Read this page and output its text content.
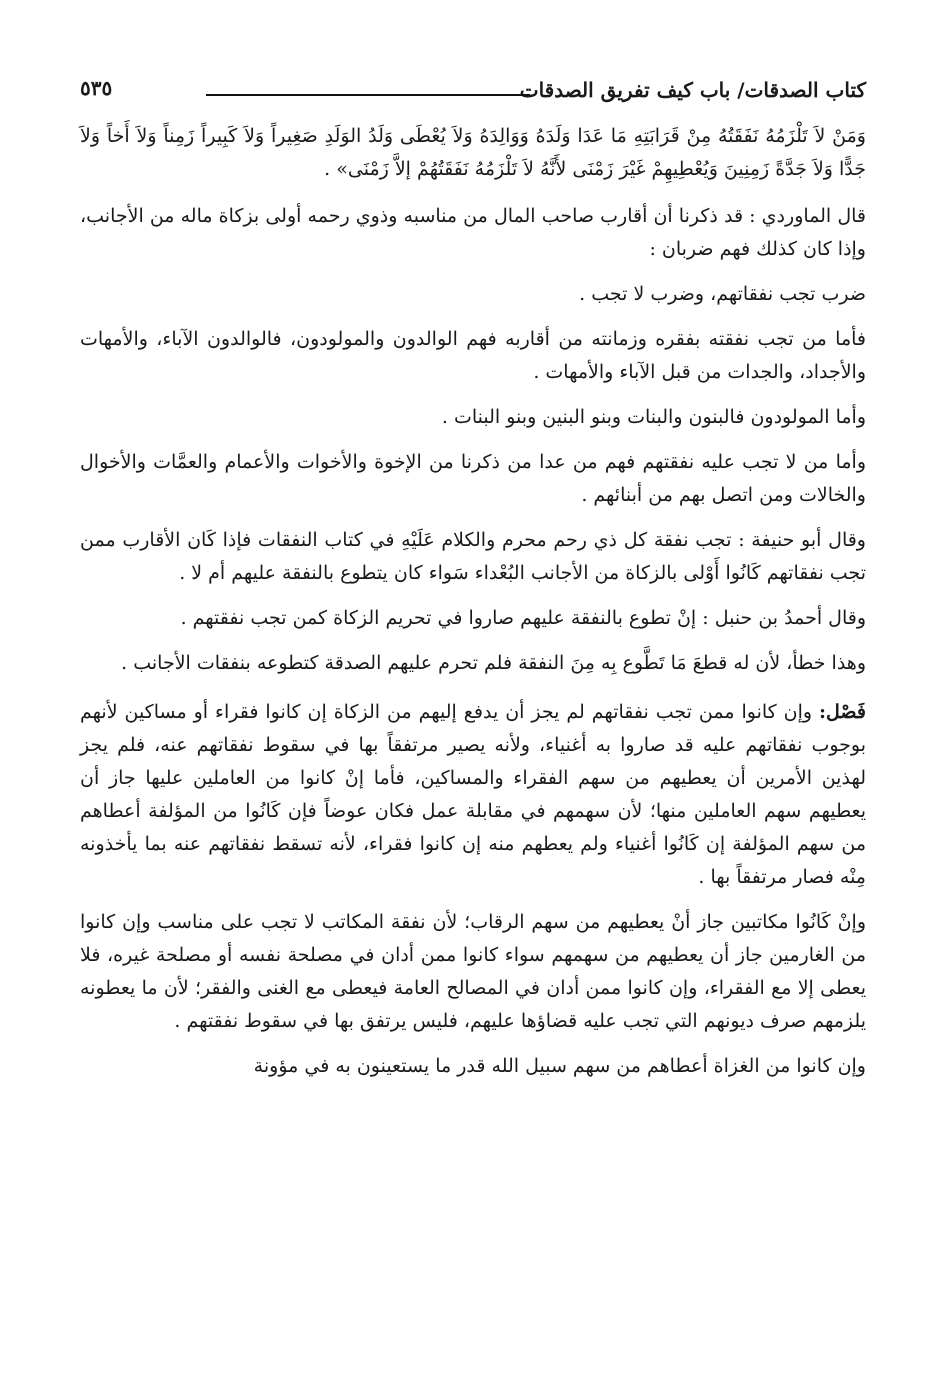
كتاب الصدقات/ باب كيف تفريق الصدقات
٥٣٥

وَمَنْ لاَ تَلْزَمُهُ نَفَقَتُهُ مِنْ قَرَابَتِهِ مَا عَدَا وَلَدَهُ وَوَالِدَهُ وَلاَ يُعْطَى وَلَدُ الوَلَدِ صَغِيراً وَلاَ كَبِيراً زَمِناً وَلاَ أَخاً وَلاَ جَدًّا وَلاَ جَدَّةً زَمِنِينَ وَيُعْطِيهِمْ غَيْرَ زَمْنَى لأَنَّهُ لاَ تَلْزَمُهُ نَفَقَتُهُمْ إلاَّ زَمْنَى» .

قال الماوردي : قد ذكرنا أن أقارب صاحب المال من مناسبه وذوي رحمه أولى بزكاة ماله من الأجانب، وإذا كان كذلك فهم ضربان :

ضرب تجب نفقاتهم، وضرب لا تجب .

فأما من تجب نفقته بفقره وزمانته من أقاربه فهم الوالدون والمولودون، فالوالدون الآباء، والأمهات والأجداد، والجدات من قبل الآباء والأمهات .

وأما المولودون فالبنون والبنات وبنو البنين وبنو البنات .

وأما من لا تجب عليه نفقتهم فهم من عدا من ذكرنا من الإخوة والأخوات والأعمام والعمَّات والأخوال والخالات ومن اتصل بهم من أبنائهم .

وقال أبو حنيفة : تجب نفقة كل ذي رحم محرم والكلام عَلَيْهِ في كتاب النفقات فإذا كَان الأقارب ممن تجب نفقاتهم كَانُوا أَوْلى بالزكاة من الأجانب البُعْداء سَواء كان يتطوع بالنفقة عليهم أم لا .

وقال أحمدُ بن حنبل : إنْ تطوع بالنفقة عليهم صاروا في تحريم الزكاة كمن تجب نفقتهم .

وهذا خطأ، لأن له قطعَ مَا تَطَّوع بِه مِنَ النفقة فلم تحرم عليهم الصدقة كتطوعه بنفقات الأجانب .

فَصْل: وإن كانوا ممن تجب نفقاتهم لم يجز أن يدفع إليهم من الزكاة إن كانوا فقراء أو مساكين لأنهم بوجوب نفقاتهم عليه قد صاروا به أغنياء، ولأنه يصير مرتفقاً بها في سقوط نفقاتهم عنه، فلم يجز لهذين الأمرين أن يعطيهم من سهم الفقراء والمساكين، فأما إنْ كانوا من العاملين عليها جاز أن يعطيهم سهم العاملين منها؛ لأن سهمهم في مقابلة عمل فكان عوضاً فإن كَانُوا من المؤلفة أعطاهم من سهم المؤلفة إن كَانُوا أغنياء ولم يعطهم منه إن كانوا فقراء، لأنه تسقط نفقاتهم عنه بما يأخذونه مِنْه فصار مرتفقاً بها .

وإنْ كَانُوا مكاتبين جاز أنْ يعطيهم من سهم الرقاب؛ لأن نفقة المكاتب لا تجب على مناسب وإن كانوا من الغارمين جاز أن يعطيهم من سهمهم سواء كانوا ممن أدان في مصلحة نفسه أو مصلحة غيره، فلا يعطى إلا مع الفقراء، وإن كانوا ممن أدان في المصالح العامة فيعطى مع الغنى والفقر؛ لأن ما يعطونه يلزمهم صرف ديونهم التي تجب عليه قضاؤها عليهم، فليس يرتفق بها في سقوط نفقتهم .

وإن كانوا من الغزاة أعطاهم من سهم سبيل الله قدر ما يستعينون به في مؤونة
